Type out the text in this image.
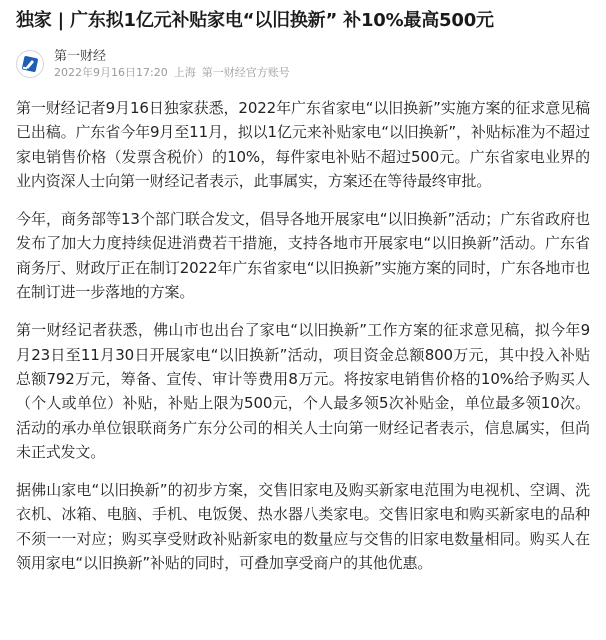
独家 | 广东拟1亿元补贴家电“以旧换新” 补10%最高500元
第一财经
2022年9月16日17:20 上海 第一财经官方账号

第一财经记者9月16日独家获悉，2022年广东省家电“以旧换新”实施方案的征求意见稿已出稿。广东省今年9月至11月，拟以1亿元来补贴家电“以旧换新”，补贴标准为不超过家电销售价格（发票含税价）的10%，每件家电补贴不超过500元。广东省家电业界的业内资深人士向第一财经记者表示，此事属实，方案还在等待最终审批。

今年，商务部等13个部门联合发文，倡导各地开展家电“以旧换新”活动；广东省政府也发布了加大力度持续促进消费若干措施，支持各地市开展家电“以旧换新”活动。广东省商务厅、财政厅正在制订2022年广东省家电“以旧换新”实施方案的同时，广东各地市也在制订进一步落地的方案。

第一财经记者获悉，佛山市也出台了家电“以旧换新”工作方案的征求意见稿，拟今年9月23日至11月30日开展家电“以旧换新”活动，项目资金总额800万元，其中投入补贴总额792万元，筹备、宣传、审计等费用8万元。将按家电销售价格的10%给予购买人（个人或单位）补贴，补贴上限为500元，个人最多领5次补贴金，单位最多领10次。活动的承办单位银联商务广东分公司的相关人士向第一财经记者表示，信息属实，但尚未正式发文。

据佛山家电“以旧换新”的初步方案，交售旧家电及购买新家电范围为电视机、空调、洗衣机、冰箱、电脑、手机、电饭煲、热水器八类家电。交售旧家电和购买新家电的品种不须一一对应；购买享受财政补贴新家电的数量应与交售的旧家电数量相同。购买人在领用家电“以旧换新”补贴的同时，可叠加享受商户的其他优惠。
